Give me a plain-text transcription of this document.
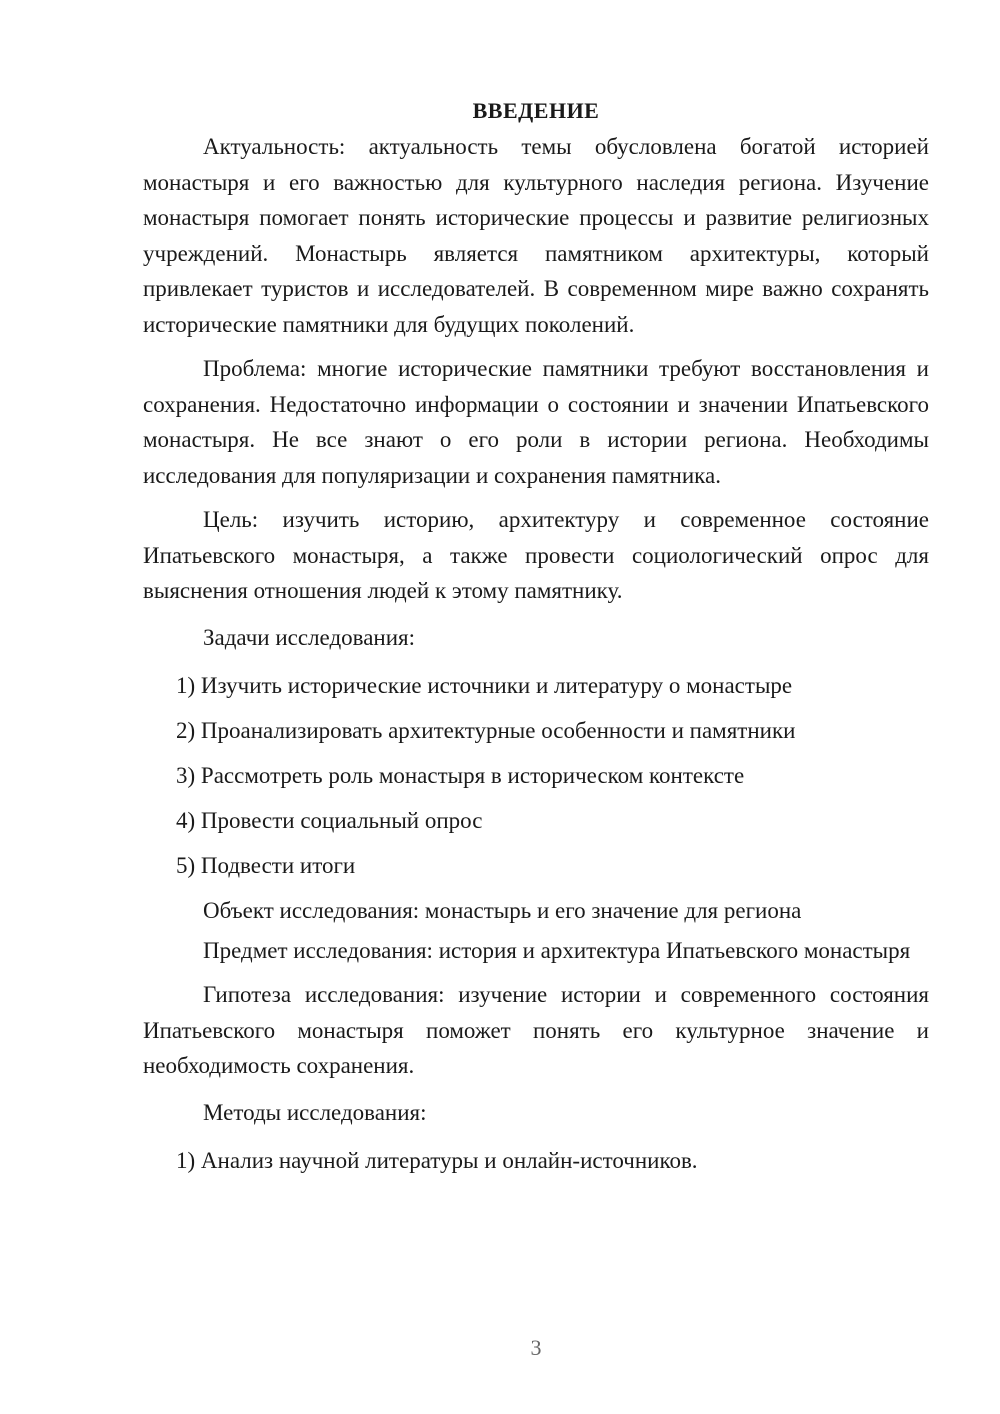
ВВЕДЕНИЕ

Актуальность: актуальность темы обусловлена богатой историей монастыря и его важностью для культурного наследия региона. Изучение монастыря помогает понять исторические процессы и развитие религиозных учреждений. Монастырь является памятником архитектуры, который привлекает туристов и исследователей. В современном мире важно сохранять исторические памятники для будущих поколений.

Проблема: многие исторические памятники требуют восстановления и сохранения. Недостаточно информации о состоянии и значении Ипатьевского монастыря. Не все знают о его роли в истории региона. Необходимы исследования для популяризации и сохранения памятника.

Цель: изучить историю, архитектуру и современное состояние Ипатьевского монастыря, а также провести социологический опрос для выяснения отношения людей к этому памятнику.

Задачи исследования:
1) Изучить исторические источники и литературу о монастыре
2) Проанализировать архитектурные особенности и памятники
3) Рассмотреть роль монастыря в историческом контексте
4) Провести социальный опрос
5) Подвести итоги

Объект исследования: монастырь и его значение для региона

Предмет исследования: история и архитектура Ипатьевского монастыря

Гипотеза исследования: изучение истории и современного состояния Ипатьевского монастыря поможет понять его культурное значение и необходимость сохранения.

Методы исследования:
1) Анализ научной литературы и онлайн-источников.
3
